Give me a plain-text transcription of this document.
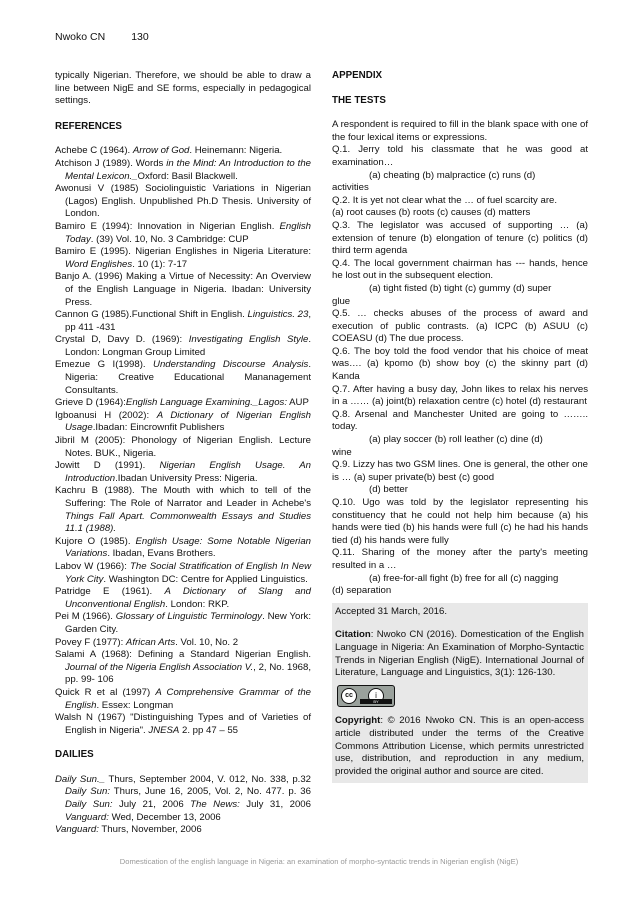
Nwoko CN 130
typically Nigerian. Therefore, we should be able to draw a line between NigE and SE forms, especially in pedagogical settings.
REFERENCES
Achebe C (1964). Arrow of God. Heinemann: Nigeria.
Atchison J (1989). Words in the Mind: An Introduction to the Mental Lexicon._Oxford: Basil Blackwell.
Awonusi V (1985) Sociolinguistic Variations in Nigerian (Lagos) English. Unpublished Ph.D Thesis. University of London.
Bamiro E (1994): Innovation in Nigerian English. English Today. (39) Vol. 10, No. 3 Cambridge: CUP
Bamiro E (1995). Nigerian Englishes in Nigeria Literature: Word Englishes. 10 (1): 7-17
Banjo A. (1996) Making a Virtue of Necessity: An Overview of the English Language in Nigeria. Ibadan: University Press.
Cannon G (1985).Functional Shift in English. Linguistics. 23, pp 411 -431
Crystal D, Davy D. (1969): Investigating English Style. London: Longman Group Limited
Emezue G I(1998). Understanding Discourse Analysis. Nigeria: Creative Educational Mananagement Consultants.
Grieve D (1964):English Language Examining._Lagos: AUP
Igboanusi H (2002): A Dictionary of Nigerian English Usage.Ibadan: Eincrownfit Publishers
Jibril M (2005): Phonology of Nigerian English. Lecture Notes. BUK., Nigeria.
Jowitt D (1991). Nigerian English Usage. An Introduction.Ibadan University Press: Nigeria.
Kachru B (1988). The Mouth with which to tell of the Suffering: The Role of Narrator and Leader in Achebe's Things Fall Apart. Commonwealth Essays and Studies 11.1 (1988).
Kujore O (1985). English Usage: Some Notable Nigerian Variations. Ibadan, Evans Brothers.
Labov W (1966): The Social Stratification of English In New York City. Washington DC: Centre for Applied Linguistics.
Patridge E (1961). A Dictionary of Slang and Unconventional English. London: RKP.
Pei M (1966). Glossary of Linguistic Terminology. New York: Garden City.
Povey F (1977): African Arts. Vol. 10, No. 2
Salami A (1968): Defining a Standard Nigerian English. Journal of the Nigeria English Association V., 2, No. 1968, pp. 99- 106
Quick R et al (1997) A Comprehensive Grammar of the English. Essex: Longman
Walsh N (1967) "Distinguishing Types and of Varieties of English in Nigeria". JNESA 2. pp 47 – 55
DAILIES
Daily Sun._ Thurs, September 2004, V. 012, No. 338, p.32 Daily Sun: Thurs, June 16, 2005, Vol. 2, No. 477. p. 36 Daily Sun: July 21, 2006 The News: July 31, 2006 Vanguard: Wed, December 13, 2006
Vanguard: Thurs, November, 2006
APPENDIX
THE TESTS
A respondent is required to fill in the blank space with one of the four lexical items or expressions.
Q.1. Jerry told his classmate that he was good at examination…
(a) cheating (b) malpractice (c) runs (d)
activities
Q.2. It is yet not clear what the … of fuel scarcity are.
(a) root causes (b) roots (c) causes (d) matters
Q.3. The legislator was accused of supporting … (a) extension of tenure (b) elongation of tenure (c) politics (d) third term agenda
Q.4. The local government chairman has --- hands, hence he lost out in the subsequent election.
(a) tight fisted (b) tight (c) gummy (d) super
glue
Q.5. … checks abuses of the process of award and execution of public contrasts. (a) ICPC (b) ASUU (c) COEASU (d) The due process.
Q.6. The boy told the food vendor that his choice of meat was…. (a) kpomo (b) show boy (c) the skinny part (d) Kanda
Q.7. After having a busy day, John likes to relax his nerves in a …… (a) joint(b) relaxation centre (c) hotel (d) restaurant
Q.8. Arsenal and Manchester United are going to …….. today.
(a) play soccer (b) roll leather (c) dine (d)
wine
Q.9. Lizzy has two GSM lines. One is general, the other one is … (a) super private(b) best (c) good
(d) better
Q.10. Ugo was told by the legislator representing his constituency that he could not help him because (a) his hands were tied (b) his hands were full (c) he had his hands tied (d) his hands were fully
Q.11. Sharing of the money after the party's meeting resulted in a …
(a) free-for-all fight (b) free for all (c) nagging
(d) separation
Accepted 31 March, 2016.
Citation: Nwoko CN (2016). Domestication of the English Language in Nigeria: An Examination of Morpho-Syntactic Trends in Nigerian English (NigE). International Journal of Literature, Language and Linguistics, 3(1): 126-130.
cc	i
BY
Copyright: © 2016 Nwoko CN. This is an open-access article distributed under the terms of the Creative Commons Attribution License, which permits unrestricted use, distribution, and reproduction in any medium, provided the original author and source are cited.
Domestication of the english language in Nigeria: an examination of morpho-syntactic trends in Nigerian english (NigE)
